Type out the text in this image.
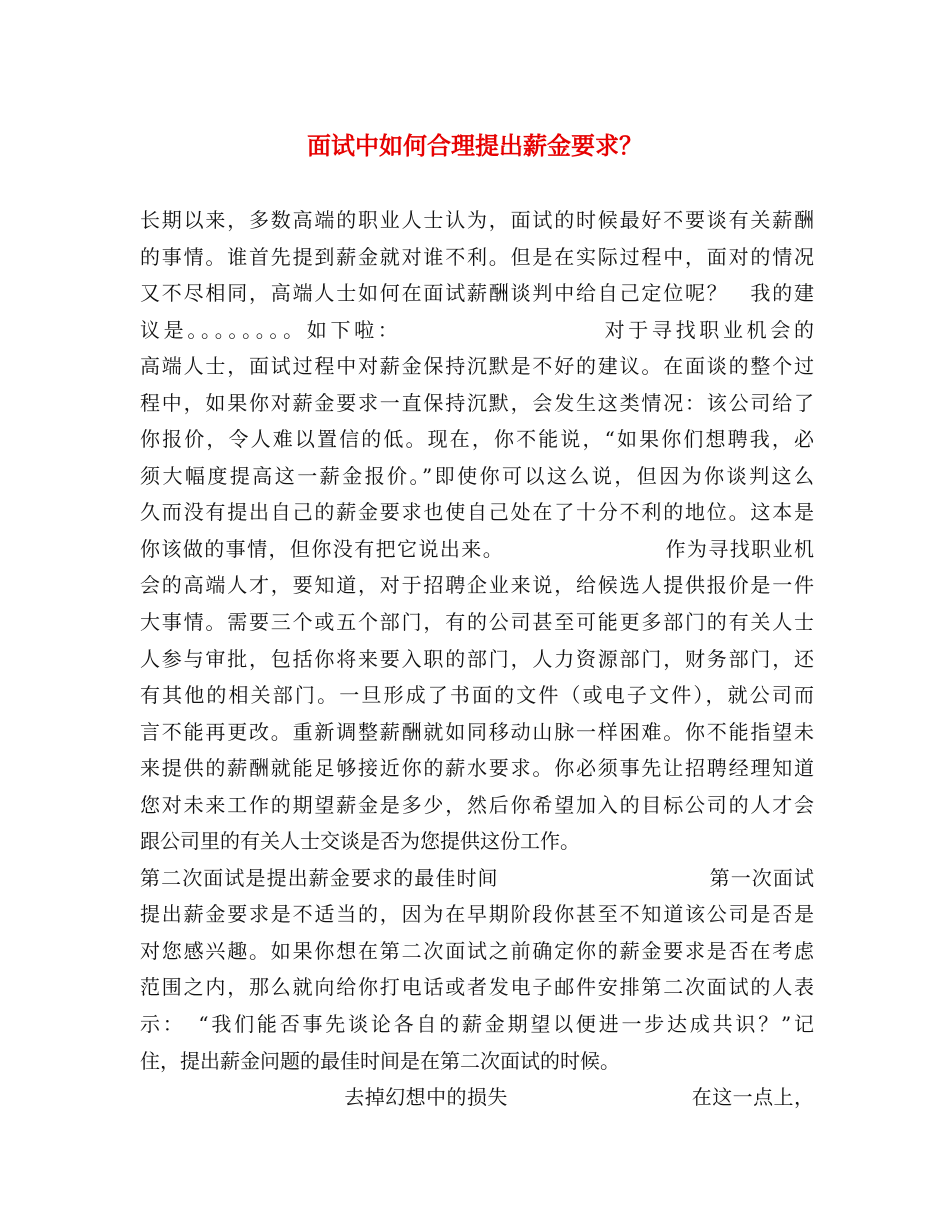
面试中如何合理提出薪金要求？
长期以来，多数高端的职业人士认为，面试的时候最好不要谈有关薪酬
的事情。谁首先提到薪金就对谁不利。但是在实际过程中，面对的情况
又不尽相同，高端人士如何在面试薪酬谈判中给自己定位呢？　我的建
议是。。。。。。。。如下啦：　　　　　　　　　对于寻找职业机会的
高端人士，面试过程中对薪金保持沉默是不好的建议。在面谈的整个过
程中，如果你对薪金要求一直保持沉默，会发生这类情况：该公司给了
你报价，令人难以置信的低。现在，你不能说，“如果你们想聘我，必
须大幅度提高这一薪金报价。”即使你可以这么说，但因为你谈判这么
久而没有提出自己的薪金要求也使自己处在了十分不利的地位。这本是
你该做的事情，但你没有把它说出来。　　　　　　　　作为寻找职业机
会的高端人才，要知道，对于招聘企业来说，给候选人提供报价是一件
大事情。需要三个或五个部门，有的公司甚至可能更多部门的有关人士
人参与审批，包括你将来要入职的部门，人力资源部门，财务部门，还
有其他的相关部门。一旦形成了书面的文件（或电子文件），就公司而
言不能再更改。重新调整薪酬就如同移动山脉一样困难。你不能指望未
来提供的薪酬就能足够接近你的薪水要求。你必须事先让招聘经理知道
您对未来工作的期望薪金是多少，然后你希望加入的目标公司的人才会
跟公司里的有关人士交谈是否为您提供这份工作。
第二次面试是提出薪金要求的最佳时间　　　　　　　　　　第一次面试
提出薪金要求是不适当的，因为在早期阶段你甚至不知道该公司是否是
对您感兴趣。如果你想在第二次面试之前确定你的薪金要求是否在考虑
范围之内，那么就向给你打电话或者发电子邮件安排第二次面试的人表
示：　“我们能否事先谈论各自的薪金期望以便进一步达成共识？”记
住，提出薪金问题的最佳时间是在第二次面试的时候。
　　　　　　　　　　去掉幻想中的损失　　　　　　　　　在这一点上，
